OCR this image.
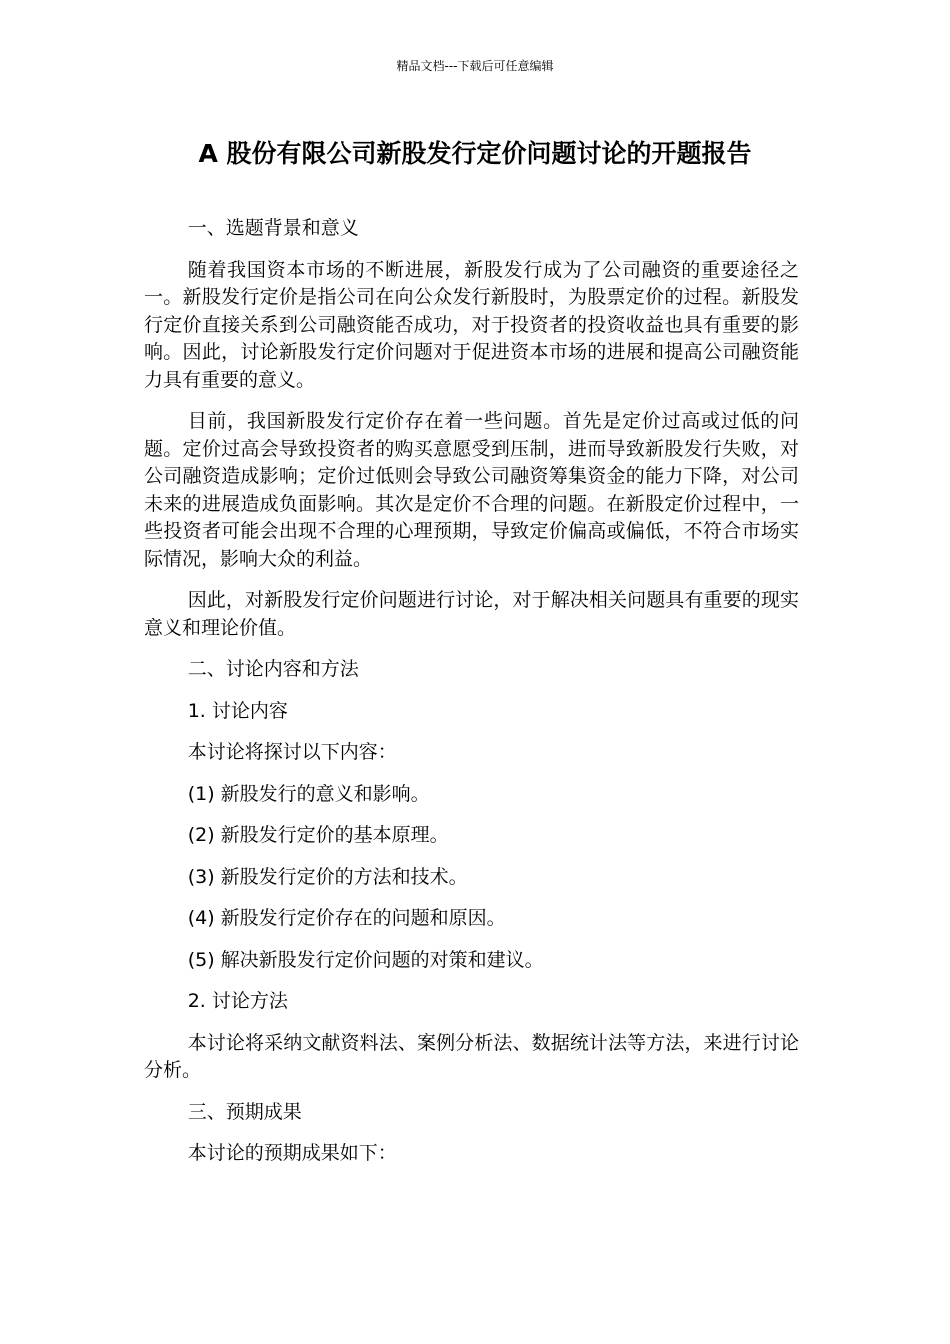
精品文档---下载后可任意编辑
A 股份有限公司新股发行定价问题讨论的开题报告

一、选题背景和意义

随着我国资本市场的不断进展，新股发行成为了公司融资的重要途径之一。新股发行定价是指公司在向公众发行新股时，为股票定价的过程。新股发行定价直接关系到公司融资能否成功，对于投资者的投资收益也具有重要的影响。因此，讨论新股发行定价问题对于促进资本市场的进展和提高公司融资能力具有重要的意义。

目前，我国新股发行定价存在着一些问题。首先是定价过高或过低的问题。定价过高会导致投资者的购买意愿受到压制，进而导致新股发行失败，对公司融资造成影响；定价过低则会导致公司融资筹集资金的能力下降，对公司未来的进展造成负面影响。其次是定价不合理的问题。在新股定价过程中，一些投资者可能会出现不合理的心理预期，导致定价偏高或偏低，不符合市场实际情况，影响大众的利益。

因此，对新股发行定价问题进行讨论，对于解决相关问题具有重要的现实意义和理论价值。

二、讨论内容和方法

1. 讨论内容

本讨论将探讨以下内容：

(1) 新股发行的意义和影响。

(2) 新股发行定价的基本原理。

(3) 新股发行定价的方法和技术。

(4) 新股发行定价存在的问题和原因。

(5) 解决新股发行定价问题的对策和建议。

2. 讨论方法

本讨论将采纳文献资料法、案例分析法、数据统计法等方法，来进行讨论分析。

三、预期成果

本讨论的预期成果如下：
